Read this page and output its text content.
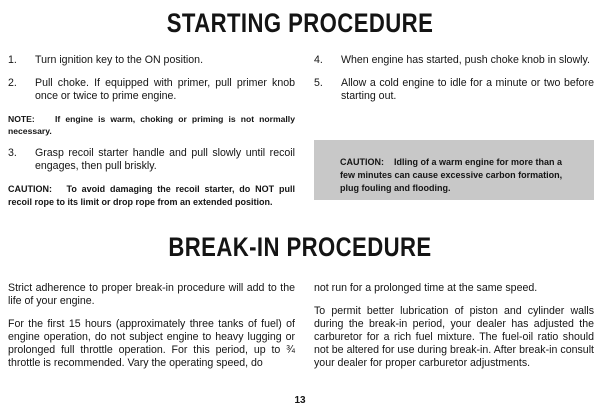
STARTING PROCEDURE
1.	Turn ignition key to the ON position.
2.	Pull choke. If equipped with primer, pull primer knob once or twice to prime engine.
NOTE: If engine is warm, choking or priming is not normally necessary.
3.	Grasp recoil starter handle and pull slowly until recoil engages, then pull briskly.
CAUTION: To avoid damaging the recoil starter, do NOT pull recoil rope to its limit or drop rope from an extended position.
4.	When engine has started, push choke knob in slowly.
5.	Allow a cold engine to idle for a minute or two before starting out.
CAUTION: Idling of a warm engine for more than a few minutes can cause excessive carbon formation, plug fouling and flooding.
BREAK-IN PROCEDURE

Strict adherence to proper break-in procedure will add to the life of your engine.

For the first 15 hours (approximately three tanks of fuel) of engine operation, do not subject engine to heavy lugging or prolonged full throttle operation. For this period, up to ¾ throttle is recommended. Vary the operating speed, do

not run for a prolonged time at the same speed.

To permit better lubrication of piston and cylinder walls during the break-in period, your dealer has adjusted the carburetor for a rich fuel mixture. The fuel-oil ratio should not be altered for use during break-in. After break-in consult your dealer for proper carburetor adjustments.

13
